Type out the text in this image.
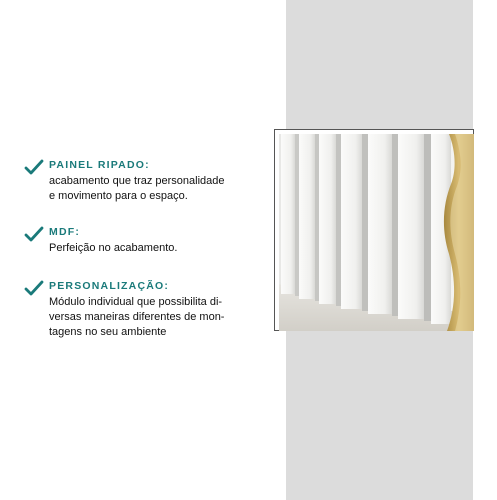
PAINEL RIPADO:
acabamento que traz personalidade
e movimento para o espaço.
MDF:
Perfeição no acabamento.
PERSONALIZAÇÃO:
Módulo individual que possibilita di-
versas maneiras diferentes de mon-
tagens no seu ambiente
